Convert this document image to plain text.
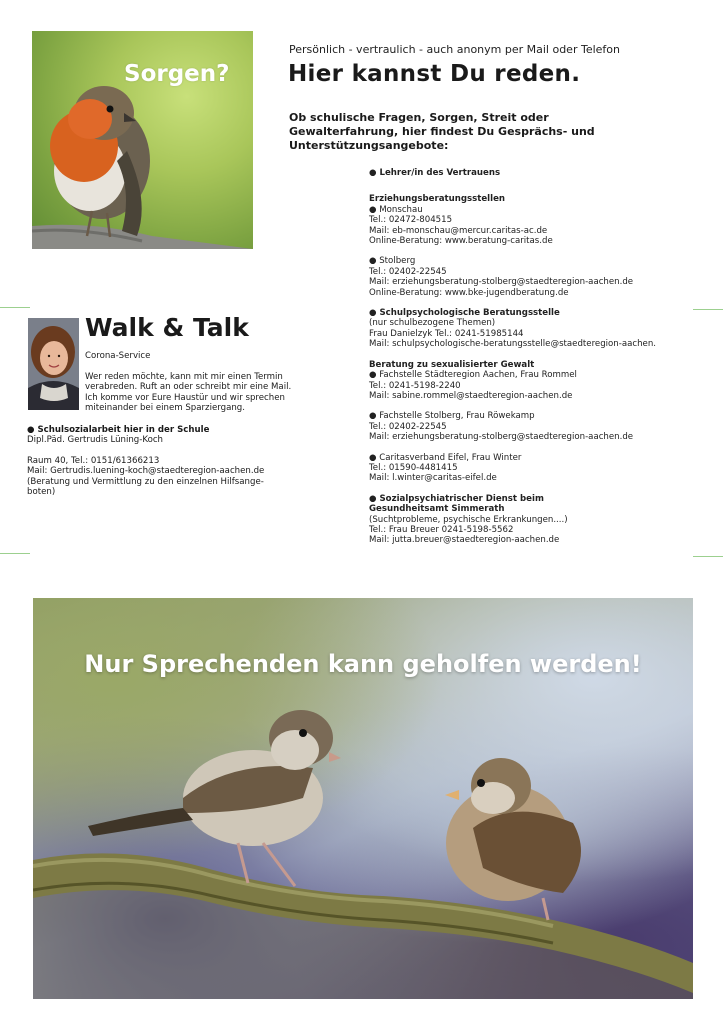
Sorgen?
Persönlich - vertraulich - auch anonym per Mail oder Telefon
Hier kannst Du reden.
Ob schulische Fragen, Sorgen, Streit oder Gewalterfahrung, hier findest Du Gesprächs- und Unterstützungsangebote:
● Lehrer/in des Vertrauens
Erziehungsberatungsstellen
● Monschau
Tel.: 02472-804515
Mail: eb-monschau@mercur.caritas-ac.de
Online-Beratung: www.beratung-caritas.de
● Stolberg
Tel.: 02402-22545
Mail: erziehungsberatung-stolberg@staedteregion-aachen.de
Online-Beratung: www.bke-jugendberatung.de
● Schulpsychologische Beratungsstelle
(nur schulbezogene Themen)
Frau Danielzyk Tel.: 0241-51985144
Mail: schulpsychologische-beratungsstelle@staedteregion-aachen.
Beratung zu sexualisierter Gewalt
● Fachstelle Städteregion Aachen, Frau Rommel
Tel.: 0241-5198-2240
Mail: sabine.rommel@staedteregion-aachen.de
● Fachstelle Stolberg, Frau Röwekamp
Tel.: 02402-22545
Mail: erziehungsberatung-stolberg@staedteregion-aachen.de
● Caritasverband Eifel, Frau Winter
Tel.: 01590-4481415
Mail: l.winter@caritas-eifel.de
● Sozialpsychiatrischer Dienst beim
Gesundheitsamt Simmerath
(Suchtprobleme, psychische Erkrankungen....)
Tel.: Frau Breuer 0241-5198-5562
Mail: jutta.breuer@staedteregion-aachen.de
Walk & Talk
Corona-Service
Wer reden möchte, kann mit mir einen Termin verabreden. Ruft an oder schreibt mir eine Mail. Ich komme vor Eure Haustür und wir sprechen miteinander bei einem Sparziergang.
● Schulsozialarbeit hier in der Schule
Dipl.Päd. Gertrudis Lüning-Koch
Raum 40, Tel.: 0151/61366213
Mail: Gertrudis.luening-koch@staedteregion-aachen.de
(Beratung und Vermittlung zu den einzelnen Hilfsange-boten)
Nur Sprechenden kann geholfen werden!
